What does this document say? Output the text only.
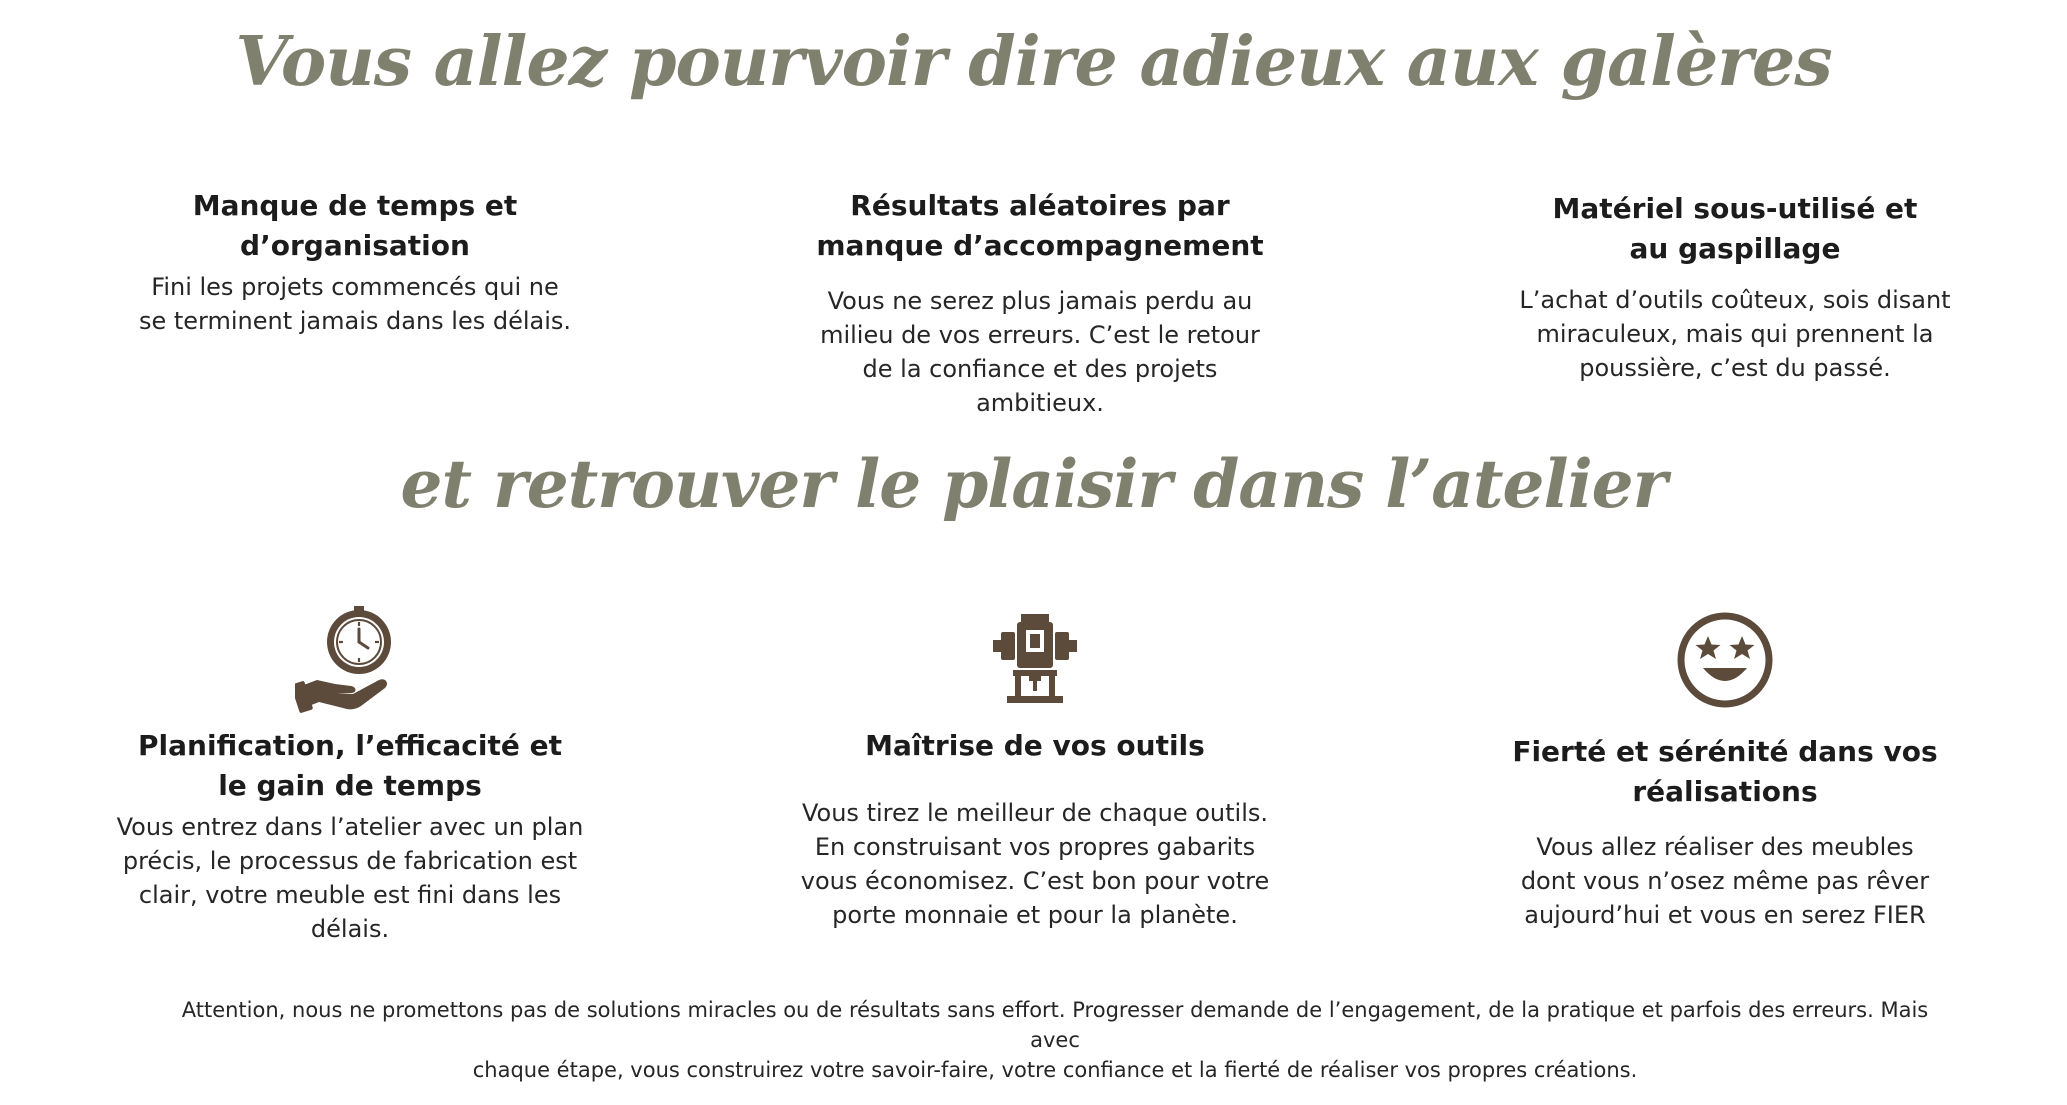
Vous allez pourvoir dire adieux aux galères

Manque de temps et
d’organisation

Fini les projets commencés qui ne
se terminent jamais dans les délais.

Résultats aléatoires par
manque d’accompagnement

Vous ne serez plus jamais perdu au
milieu de vos erreurs. C’est le retour
de la confiance et des projets
ambitieux.

Matériel sous-utilisé et
au gaspillage

L’achat d’outils coûteux, sois disant
miraculeux, mais qui prennent la
poussière, c’est du passé.

et retrouver le plaisir dans l’atelier

Planification, l’efficacité et
le gain de temps

Vous entrez dans l’atelier avec un plan
précis, le processus de fabrication est
clair, votre meuble est fini dans les délais.

Maîtrise de vos outils

Vous tirez le meilleur de chaque outils.
En construisant vos propres gabarits
vous économisez. C’est bon pour votre
porte monnaie et pour la planète.

Fierté et sérénité dans vos
réalisations

Vous allez réaliser des meubles
dont vous n’osez même pas rêver
aujourd’hui et vous en serez FIER

Attention, nous ne promettons pas de solutions miracles ou de résultats sans effort. Progresser demande de l’engagement, de la pratique et parfois des erreurs. Mais avec
chaque étape, vous construirez votre savoir-faire, votre confiance et la fierté de réaliser vos propres créations.
